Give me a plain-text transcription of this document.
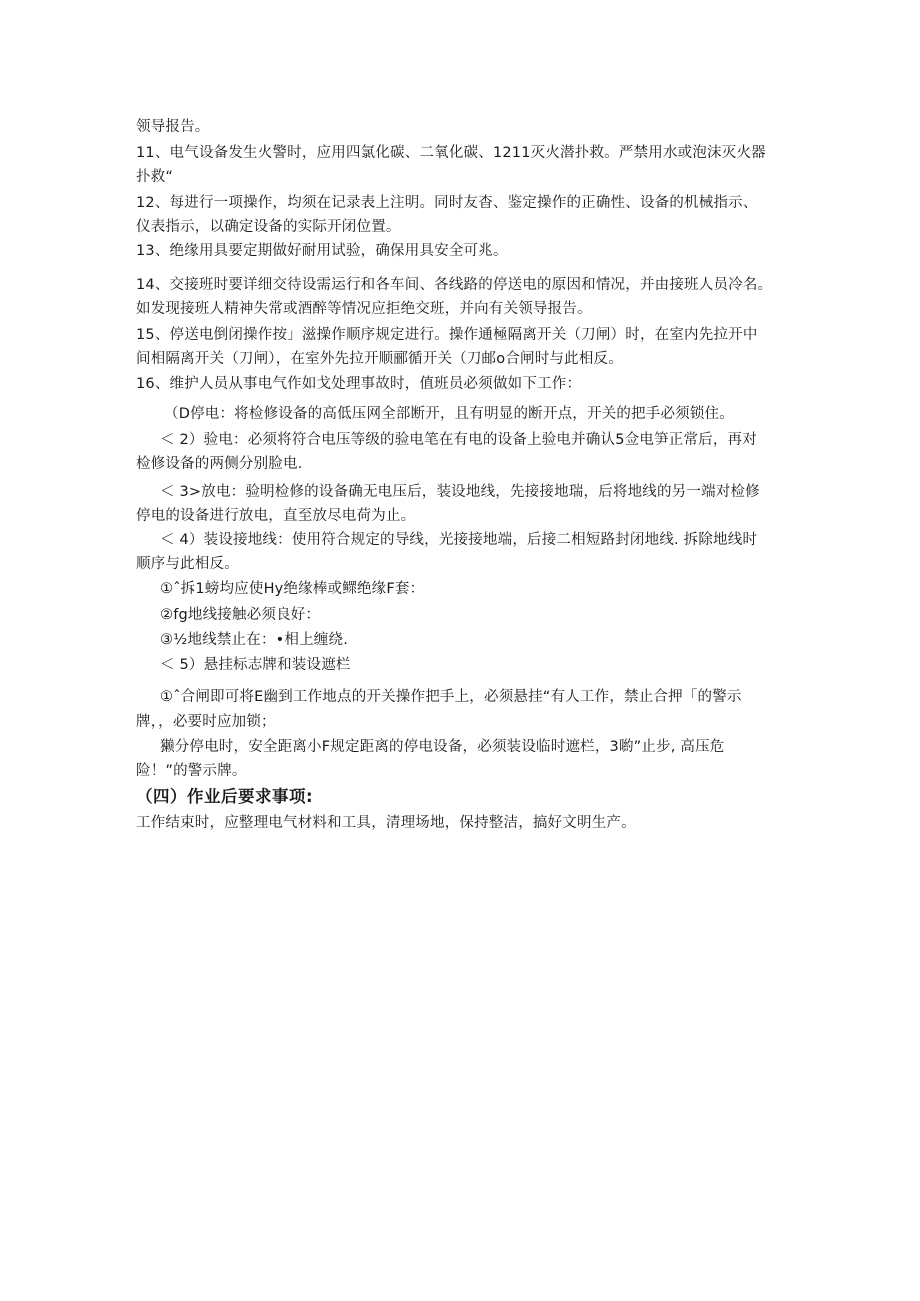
领导报告。
11、电气设备发生火警时，应用四氯化碳、二氧化碳、1211灭火潜扑救。严禁用水或泡沫灭火器
扑救“
12、每进行一项操作，均须在记录表上注明。同时友杳、鉴定操作的正确性、设备的机械指示、
仪表指示，以确定设备的实际开闭位置。
13、绝缘用具要定期做好耐用试验，确保用具安全可兆。
14、交接班时要详细交待设需运行和各车间、各线路的停送电的原因和情况，并由接班人员冷名。
如发现接班人精神失常或酒醉等情况应拒绝交班，并向有关领导报告。
15、停送电倒闭操作按」滋操作顺序规定进行。操作通極隔离开关（刀闸）时，在室内先拉开中
间相隔离开关（刀闸），在室外先拉开顺郦循开关（刀邮o合闸时与此相反。
16、维护人员从事电气作如戈处理事故时，值班员必须做如下工作：
（D停电：将检修设备的高低压网全部断开，且有明显的断开点，开关的把手必须锁住。
＜ 2）验电：必须将符合电压等级的验电笔在有电的设备上验电并确认5佥电笋正常后，再对
检修设备的两侧分别脸电.
＜ 3>放电：验明检修的设备确无电压后，装设地线，先接接地瑞，后将地线的另一端对检修
停电的设备进行放电，直至放尽电荷为止。
＜ 4）装设接地线：使用符合规定的导线，光接接地端，后接二相短路封闭地线. 拆除地线时
顺序与此相反。
①ˆ拆1螃均应使Hy绝缘棒或鳏绝缘F套：
②fg地线接触必须良好：
③½地线禁止在：•相上缠绕.
＜ 5）悬挂标志牌和装设遮栏
①ˆ合闸即可将E幽到工作地点的开关操作把手上，必须悬挂“有人工作，禁止合押「的警示
牌，，必要时应加锁；
獭分停电时，安全距离小F规定距离的停电设备，必须装设临时遮栏，3喲”止步, 高压危
险！”的警示牌。
（四）作业后要求事项:
工作结束时，应整理电气材料和工具，清理场地，保持整洁，搞好文明生产。
